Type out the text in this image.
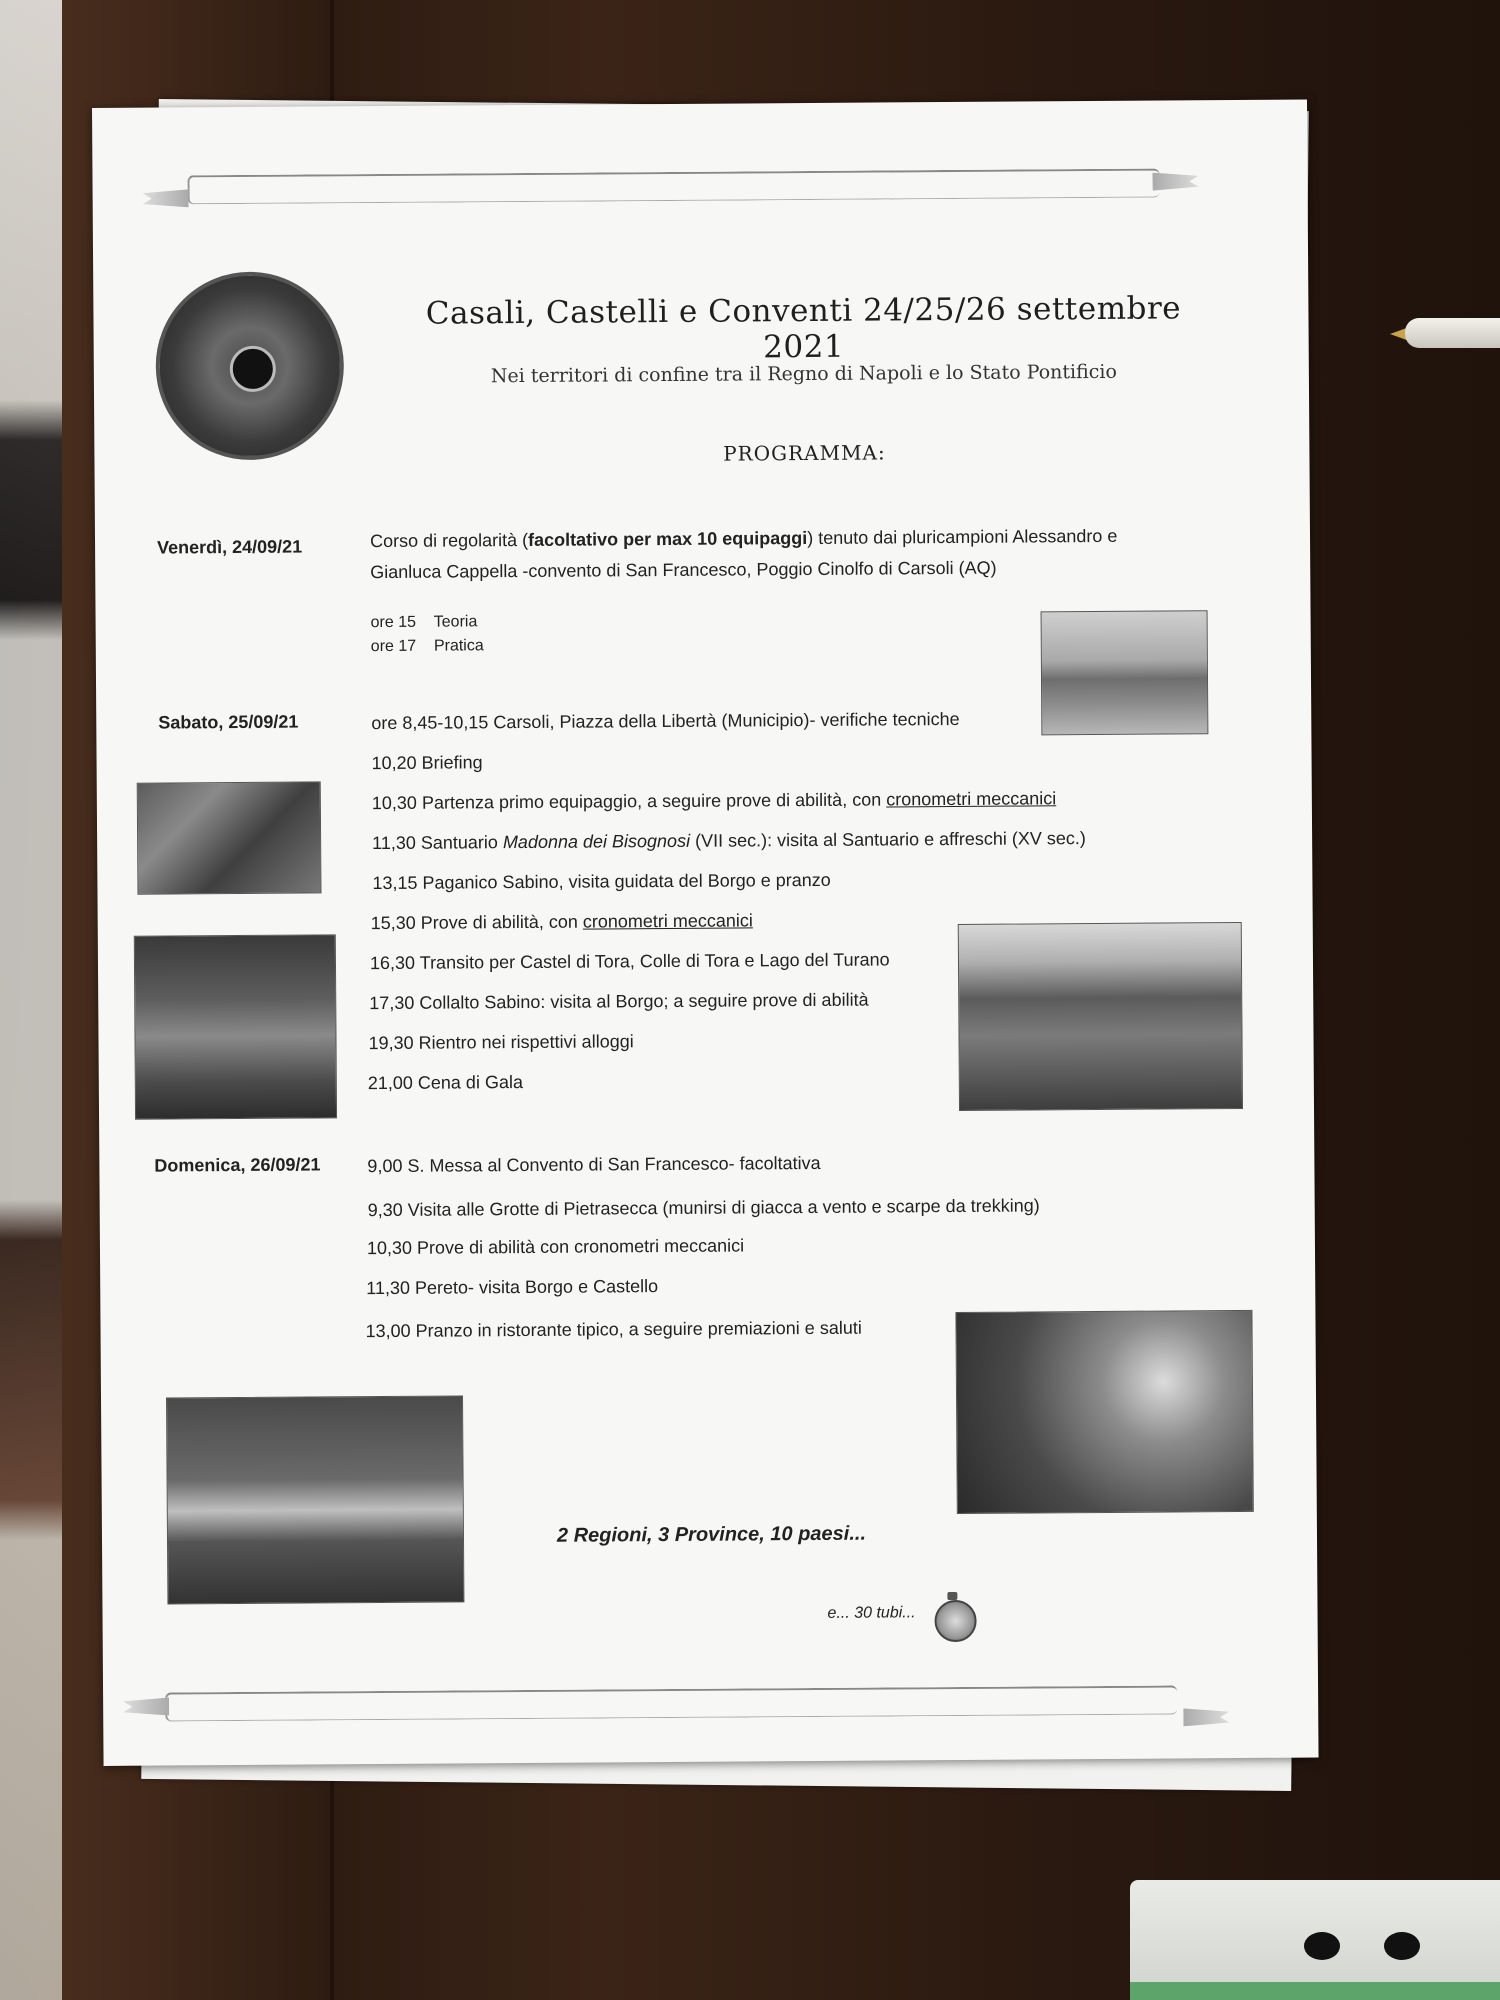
Casali, Castelli e Conventi 24/25/26 settembre 2021
Nei territori di confine tra il Regno di Napoli e lo Stato Pontificio
PROGRAMMA:
Venerdì, 24/09/21	Corso di regolarità (facoltativo per max 10 equipaggi) tenuto dai pluricampioni Alessandro e Gianluca Cappella -convento di San Francesco, Poggio Cinolfo di Carsoli (AQ)
ore 15 Teoria
ore 17 Pratica
Sabato, 25/09/21	ore 8,45-10,15 Carsoli, Piazza della Libertà (Municipio)- verifiche tecniche
10,20 Briefing
10,30 Partenza primo equipaggio, a seguire prove di abilità, con cronometri meccanici
11,30 Santuario Madonna dei Bisognosi (VII sec.): visita al Santuario e affreschi (XV sec.)
13,15 Paganico Sabino, visita guidata del Borgo e pranzo
15,30 Prove di abilità, con cronometri meccanici
16,30 Transito per Castel di Tora, Colle di Tora e Lago del Turano
17,30 Collalto Sabino: visita al Borgo; a seguire prove di abilità
19,30 Rientro nei rispettivi alloggi
21,00 Cena di Gala
Domenica, 26/09/21	9,00 S. Messa al Convento di San Francesco- facoltativa
9,30 Visita alle Grotte di Pietrasecca (munirsi di giacca a vento e scarpe da trekking)
10,30 Prove di abilità con cronometri meccanici
11,30 Pereto- visita Borgo e Castello
13,00 Pranzo in ristorante tipico, a seguire premiazioni e saluti
2 Regioni, 3 Province, 10 paesi...
e... 30 tubi...
